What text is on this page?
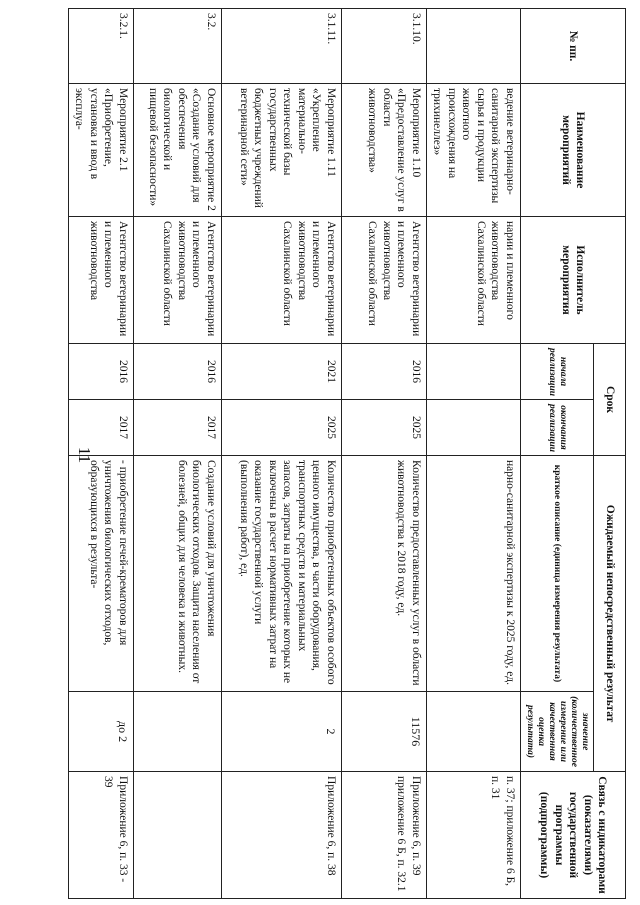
11
№ пп.	Наименование мероприятий	Исполнитель мероприятия	Срок		Ожидаемый непосредственный результат		Связь с индикаторами (показателями) государственной программы (подпрограммы)
			начала реализации	окончания реализации	краткое описание (единица измерения результата)	значение (количественное измерение или качественная оценка результата)	
	ведение ветеринарно-санитарной экспертизы сырья и продукции животного происхождения на трихинеллез»	нарии и племенного животноводства Сахалинской области			нарно-санитарной экспертизы к 2025 году, ед.		п. 37; приложение 6 Б, п. 31
3.1.10.	Мероприятие 1.10 «Предоставление услуг в области животноводства»	Агентство ветеринарии и племенного животноводства Сахалинской области	2016	2025	Количество предоставленных услуг в области животноводства к 2018 году, ед.	11576	Приложение 6, п. 39 приложение 6 Б, п. 32.1
3.1.11.	Мероприятие 1.11 «Укрепление материально-технической базы государственных бюджетных учреждений ветеринарной сети»	Агентство ветеринарии и племенного животноводства Сахалинской области	2021	2025	Количество приобретенных объектов особого ценного имущества, в части оборудования, транспортных средств и материальных запасов, затраты на приобретение которых не включены в расчет нормативных затрат на оказание государственной услуги (выполнения работ), ед.	2	Приложение 6, п. 38
3.2.	Основное мероприятие 2 «Создание условий для обеспечения биологической и пищевой безопасности»	Агентство ветеринарии и племенного животноводства Сахалинской области	2016	2017	Создание условий для уничтожения биологических отходов. Защита населения от болезней, общих для человека и животных.		
3.2.1.	Мероприятие 2.1 «Приобретение, установка и ввод в эксплуа-	Агентство ветеринарии и племенного животноводства	2016	2017	- приобретение печей-крематоров для уничтожения биологических отходов, образующихся в результа-	до 2	Приложение 6, п. 33 - 39
